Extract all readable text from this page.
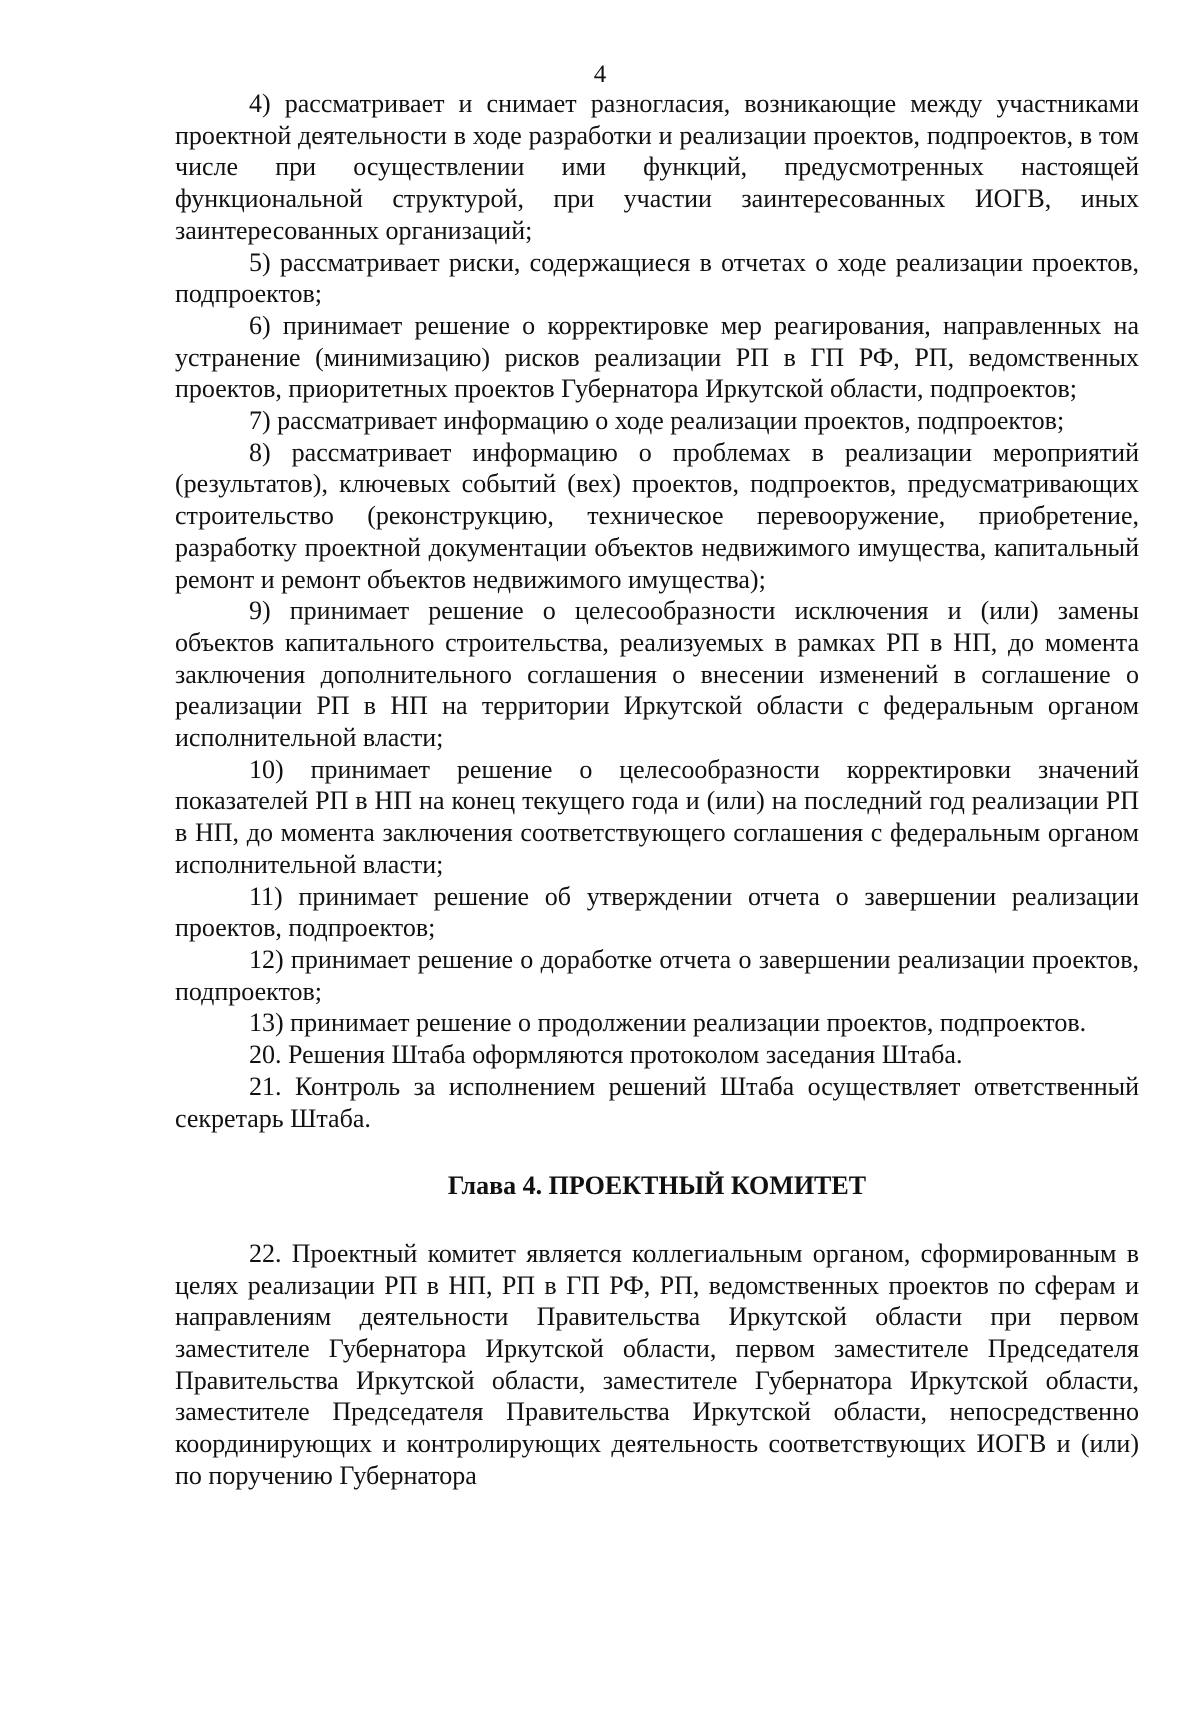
4

4) рассматривает и снимает разногласия, возникающие между участниками проектной деятельности в ходе разработки и реализации проектов, подпроектов, в том числе при осуществлении ими функций, предусмотренных настоящей функциональной структурой, при участии заинтересованных ИОГВ, иных заинтересованных организаций;

5) рассматривает риски, содержащиеся в отчетах о ходе реализации проектов, подпроектов;

6) принимает решение о корректировке мер реагирования, направленных на устранение (минимизацию) рисков реализации РП в ГП РФ, РП, ведомственных проектов, приоритетных проектов Губернатора Иркутской области, подпроектов;

7) рассматривает информацию о ходе реализации проектов, подпроектов;

8) рассматривает информацию о проблемах в реализации мероприятий (результатов), ключевых событий (вех) проектов, подпроектов, предусматривающих строительство (реконструкцию, техническое перевооружение, приобретение, разработку проектной документации объектов недвижимого имущества, капитальный ремонт и ремонт объектов недвижимого имущества);

9) принимает решение о целесообразности исключения и (или) замены объектов капитального строительства, реализуемых в рамках РП в НП, до момента заключения дополнительного соглашения о внесении изменений в соглашение о реализации РП в НП на территории Иркутской области с федеральным органом исполнительной власти;

10) принимает решение о целесообразности корректировки значений показателей РП в НП на конец текущего года и (или) на последний год реализации РП в НП, до момента заключения соответствующего соглашения с федеральным органом исполнительной власти;

11) принимает решение об утверждении отчета о завершении реализации проектов, подпроектов;

12) принимает решение о доработке отчета о завершении реализации проектов, подпроектов;

13) принимает решение о продолжении реализации проектов, подпроектов.

20. Решения Штаба оформляются протоколом заседания Штаба.

21. Контроль за исполнением решений Штаба осуществляет ответственный секретарь Штаба.

Глава 4. ПРОЕКТНЫЙ КОМИТЕТ

22. Проектный комитет является коллегиальным органом, сформированным в целях реализации РП в НП, РП в ГП РФ, РП, ведомственных проектов по сферам и направлениям деятельности Правительства Иркутской области при первом заместителе Губернатора Иркутской области, первом заместителе Председателя Правительства Иркутской области, заместителе Губернатора Иркутской области, заместителе Председателя Правительства Иркутской области, непосредственно координирующих и контролирующих деятельность соответствующих ИОГВ и (или) по поручению Губернатора
